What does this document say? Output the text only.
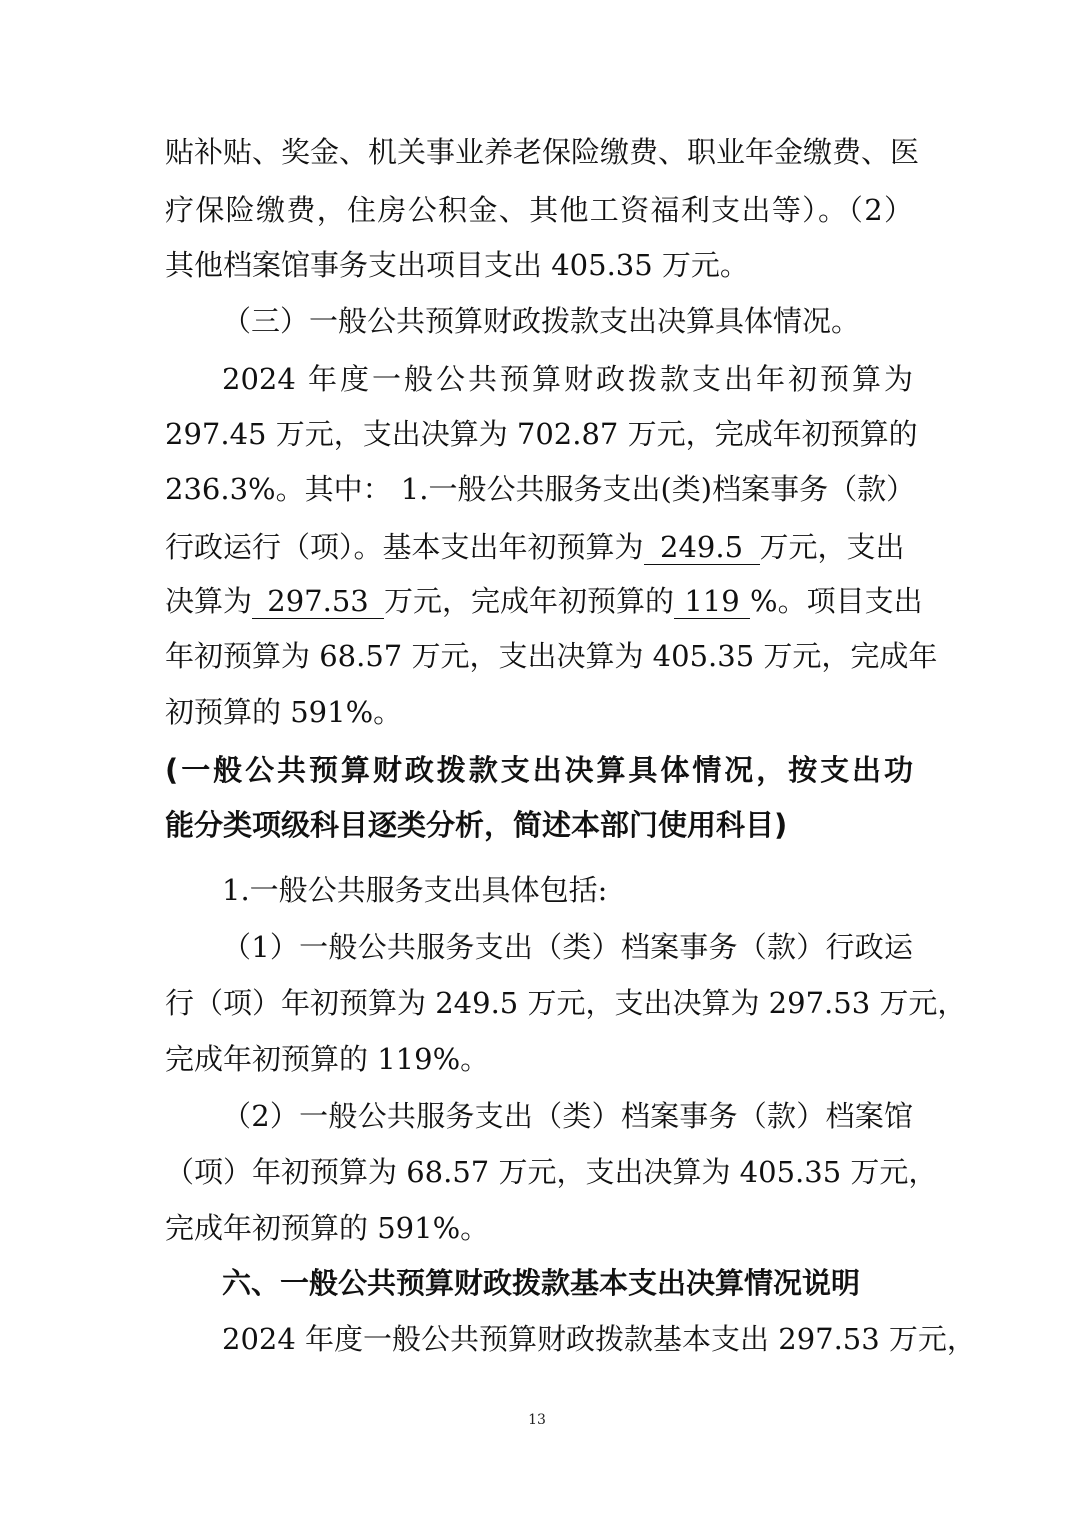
贴补贴、奖金、机关事业养老保险缴费、职业年金缴费、医
疗保险缴费，住房公积金、其他工资福利支出等）。（2）
其他档案馆事务支出项目支出 405.35 万元。
（三）一般公共预算财政拨款支出决算具体情况。
2024 年度一般公共预算财政拨款支出年初预算为
297.45 万元，支出决算为 702.87 万元，完成年初预算的
236.3%。其中： 1.一般公共服务支出(类)档案事务（款）
行政运行（项）。基本支出年初预算为 249.5 万元，支出
决算为 297.53 万元，完成年初预算的 119 %。项目支出
年初预算为 68.57 万元，支出决算为 405.35 万元，完成年
初预算的 591%。
(一般公共预算财政拨款支出决算具体情况，按支出功
能分类项级科目逐类分析，简述本部门使用科目)
1.一般公共服务支出具体包括:
（1）一般公共服务支出（类）档案事务（款）行政运
行（项）年初预算为 249.5 万元，支出决算为 297.53 万元，
完成年初预算的 119%。
（2）一般公共服务支出（类）档案事务（款）档案馆
（项）年初预算为 68.57 万元，支出决算为 405.35 万元，
完成年初预算的 591%。
六、一般公共预算财政拨款基本支出决算情况说明
2024 年度一般公共预算财政拨款基本支出 297.53 万元，
13
